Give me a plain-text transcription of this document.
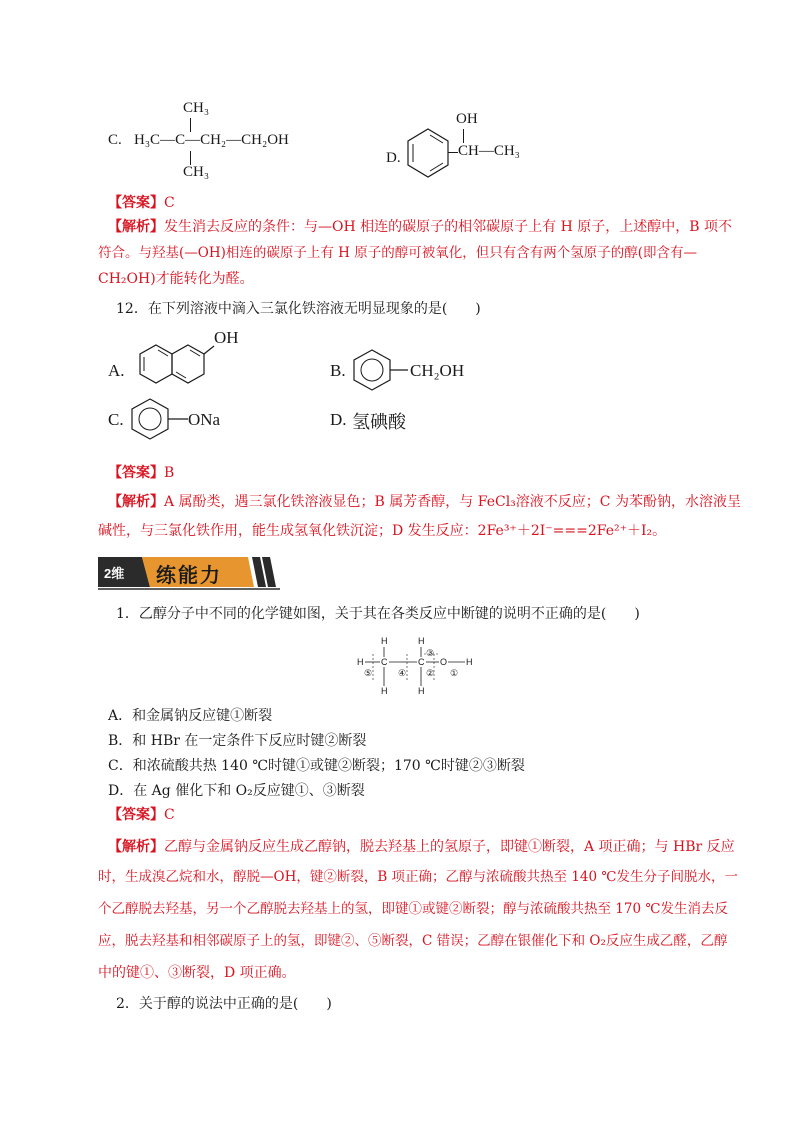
C.
CH₃
H₃C—C—CH₂—CH₂OH
CH₃
D.
OH
CH—CH₃
【答案】C
【解析】发生消去反应的条件：与—OH 相连的碳原子的相邻碳原子上有 H 原子，上述醇中，B 项不
符合。与羟基(—OH)相连的碳原子上有 H 原子的醇可被氧化，但只有含有两个氢原子的醇(即含有—
CH₂OH)才能转化为醛。
12．在下列溶液中滴入三氯化铁溶液无明显现象的是(　　)
A.
OH
B.	CH₂OH
C.	ONa	D. 氢碘酸
【答案】B
【解析】A 属酚类，遇三氯化铁溶液显色；B 属芳香醇，与 FeCl₃溶液不反应；C 为苯酚钠，水溶液呈
碱性，与三氯化铁作用，能生成氢氧化铁沉淀；D 发生反应：2Fe³⁺＋2I⁻===2Fe²⁺＋I₂。
2维 练能力
1．乙醇分子中不同的化学键如图，关于其在各类反应中断键的说明不正确的是(　　)
H	H
③
H C	C O H
⑤	④ ② ①
H	H
A．和金属钠反应键①断裂
B．和 HBr 在一定条件下反应时键②断裂
C．和浓硫酸共热 140 ℃时键①或键②断裂；170 ℃时键②③断裂
D．在 Ag 催化下和 O₂反应键①、③断裂
【答案】C
【解析】乙醇与金属钠反应生成乙醇钠，脱去羟基上的氢原子，即键①断裂，A 项正确；与 HBr 反应
时，生成溴乙烷和水，醇脱—OH，键②断裂，B 项正确；乙醇与浓硫酸共热至 140 ℃发生分子间脱水，一
个乙醇脱去羟基，另一个乙醇脱去羟基上的氢，即键①或键②断裂；醇与浓硫酸共热至 170 ℃发生消去反
应，脱去羟基和相邻碳原子上的氢，即键②、⑤断裂，C 错误；乙醇在银催化下和 O₂反应生成乙醛，乙醇
中的键①、③断裂，D 项正确。
2．关于醇的说法中正确的是(　　)
